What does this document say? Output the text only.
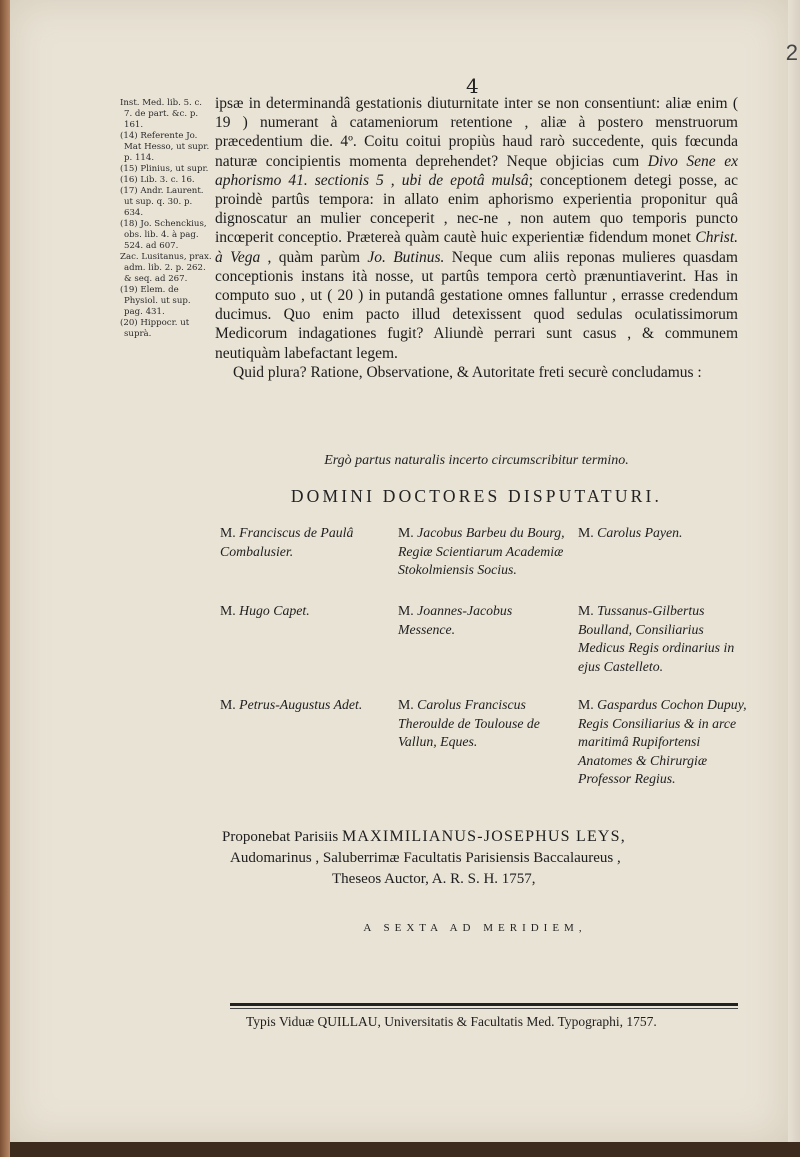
2
4
Inst. Med. lib. 5. c. 7. de part. &c. p. 161.
(14) Referente Jo. Mat Hesso, ut supr. p. 114.
(15) Plinius, ut supr.
(16) Lib. 3. c. 16.
(17) Andr. Laurent. ut sup. q. 30. p. 634.
(18) Jo. Schenckius, obs. lib. 4. à pag. 524. ad 607.
Zac. Lusitanus, prax. adm. lib. 2. p. 262. & seq. ad 267.
(19) Elem. de Physiol. ut sup. pag. 431.
(20) Hippocr. ut suprà.

ipsæ in determinandâ gestationis diuturnitate inter se non consentiunt: aliæ enim ( 19 ) numerant à catameniorum retentione , aliæ à postero menstruorum præcedentium die. 4º. Coitu coitui propiùs haud rarò succedente, quis fœcunda naturæ concipientis momenta deprehendet? Neque objicias cum Divo Sene ex aphorismo 41. sectionis 5 , ubi de epotâ mulsâ; conceptionem detegi posse, ac proindè partûs tempora: in allato enim aphorismo experientia proponitur quâ dignoscatur an mulier conceperit , nec-ne , non autem quo temporis puncto incœperit conceptio. Prætereà quàm cautè huic experientiæ fidendum monet Christ. à Vega , quàm parùm Jo. Butinus. Neque cum aliis reponas mulieres quasdam conceptionis instans ità nosse, ut partûs tempora certò prænuntiaverint. Has in computo suo , ut ( 20 ) in putandâ gestatione omnes falluntur , errasse credendum ducimus. Quo enim pacto illud detexissent quod sedulas oculatissimorum Medicorum indagationes fugit? Aliundè perrari sunt casus , & communem neutiquàm labefactant legem.

Quid plura? Ratione, Observatione, & Autoritate freti securè concludamus :

Ergò partus naturalis incerto circumscribitur termino.
DOMINI DOCTORES DISPUTATURI.
M. Franciscus de Paulâ Combalusier.
M. Jacobus Barbeu du Bourg, Regiæ Scientiarum Academiæ Stokolmiensis Socius.
M. Carolus Payen.
M. Hugo Capet.	M. Joannes-Jacobus Messence.
M. Tussanus-Gilbertus Boulland, Consiliarius Medicus Regis ordinarius in ejus Castelleto.
M. Petrus-Augustus Adet.	M. Carolus Franciscus Theroulde de Toulouse de Vallun, Eques.
M. Gaspardus Cochon Dupuy, Regis Consiliarius & in arce maritimâ Rupifortensi Anatomes & Chirurgiæ Professor Regius.
Proponebat Parisiis MAXIMILIANUS-JOSEPHUS LEYS,
Audomarinus , Saluberrimæ Facultatis Parisiensis Baccalaureus ,
Theseos Auctor, A. R. S. H. 1757,
A SEXTA AD MERIDIEM,
Typis Viduæ QUILLAU, Universitatis & Facultatis Med. Typographi, 1757.
